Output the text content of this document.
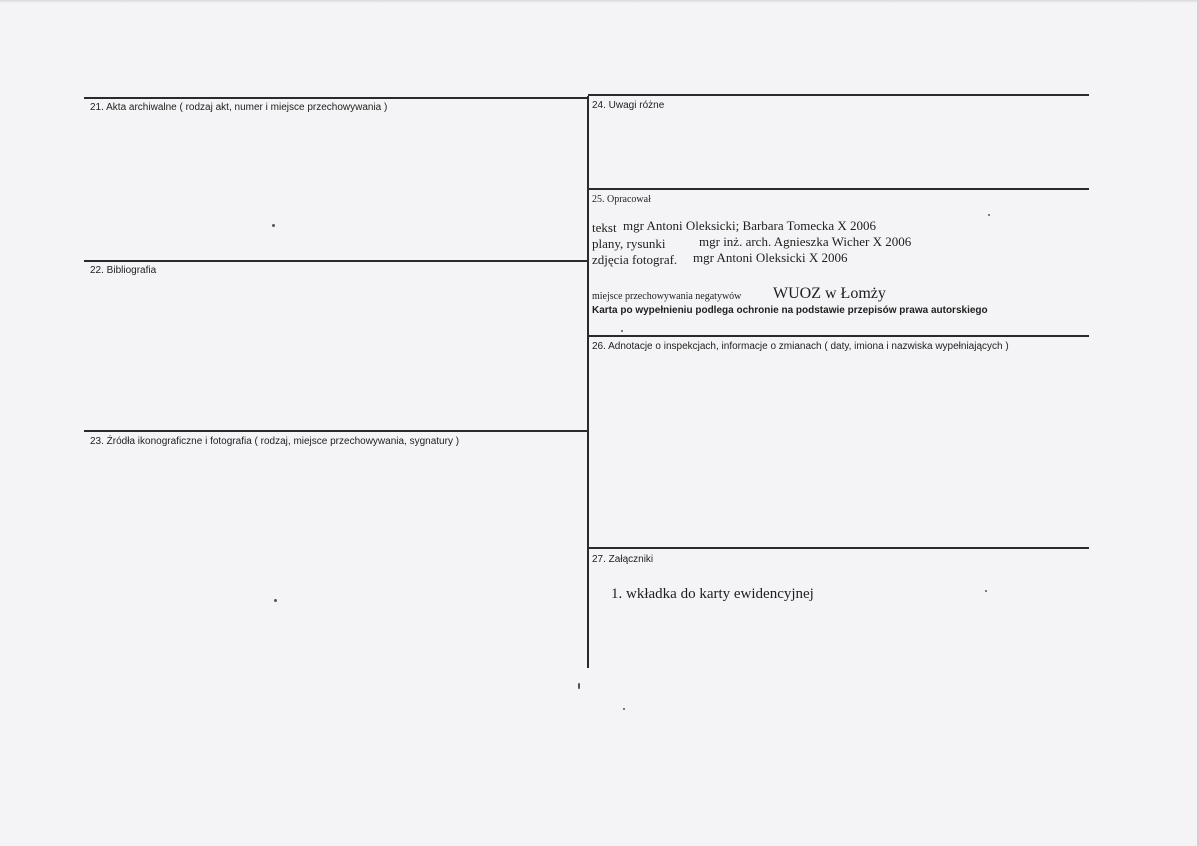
21. Akta archiwalne ( rodzaj akt, numer i miejsce przechowywania )
22. Bibliografia
23. Źródła ikonograficzne i fotografia ( rodzaj, miejsce przechowywania, sygnatury )
24. Uwagi różne
25. Opracował
tekst mgr Antoni Oleksicki; Barbara Tomecka X 2006
plany, rysunki	mgr inż. arch. Agnieszka Wicher X 2006
zdjęcia fotograf. mgr Antoni Oleksicki X 2006
miejsce przechowywania negatywów WUOZ w Łomży
Karta po wypełnieniu podlega ochronie na podstawie przepisów prawa autorskiego
26. Adnotacje o inspekcjach, informacje o zmianach ( daty, imiona i nazwiska wypełniających )
27. Załączniki
1. wkładka do karty ewidencyjnej
